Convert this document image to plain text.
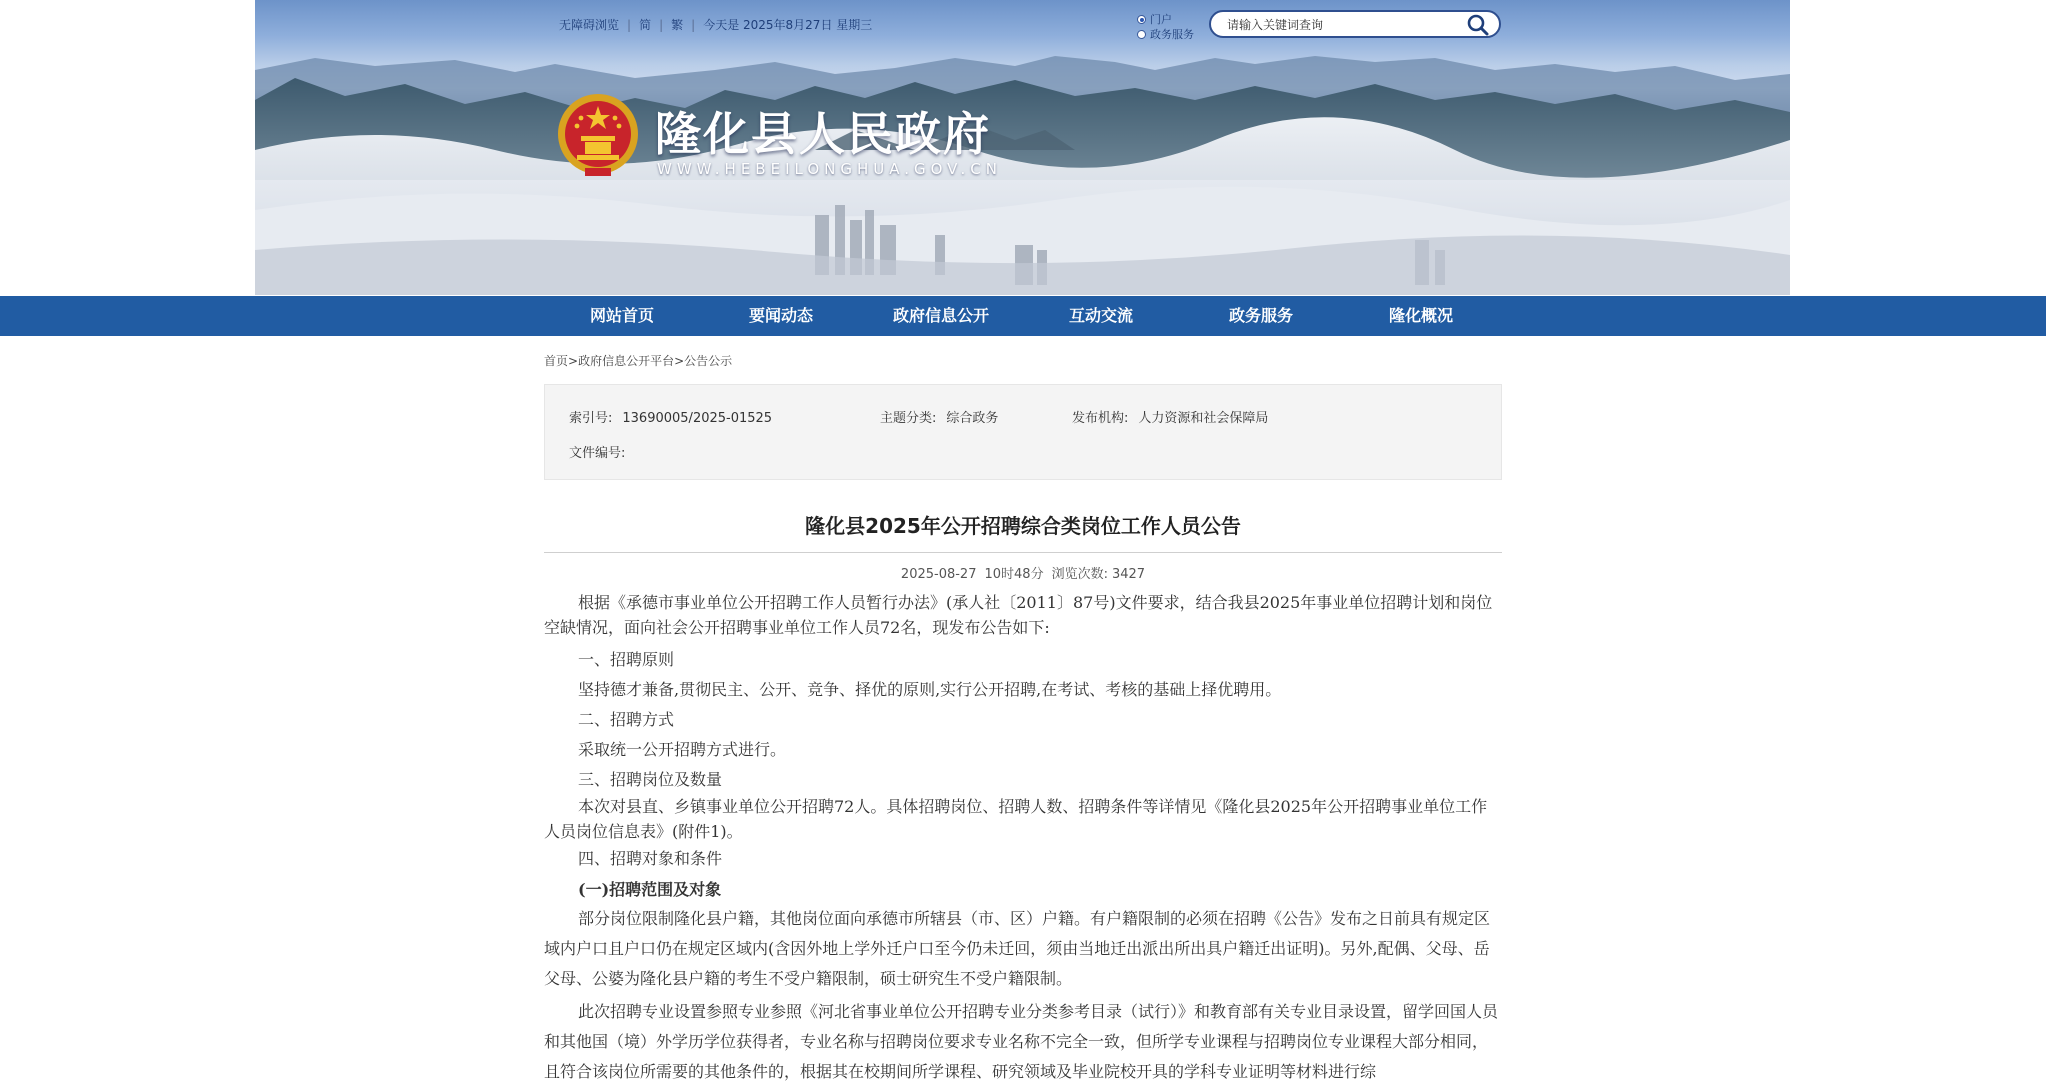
无障碍浏览 | 简 | 繁 | 今天是 2025年8月27日 星期三	门户
政务服务
请输入关键词查询
隆化县人民政府
WWW.HEBEILONGHUA.GOV.CN
网站首页	要闻动态	政府信息公开	互动交流	政务服务	隆化概况
首页>政府信息公开平台>公告公示
索引号: 13690005/2025-01525	主题分类: 综合政务	发布机构: 人力资源和社会保障局
文件编号:
隆化县2025年公开招聘综合类岗位工作人员公告
2025-08-27 10时48分 浏览次数: 3427
根据《承德市事业单位公开招聘工作人员暂行办法》(承人社〔2011〕87号)文件要求，结合我县2025年事业单位招聘计划和岗位空缺情况，面向社会公开招聘事业单位工作人员72名，现发布公告如下:
一、招聘原则
坚持德才兼备,贯彻民主、公开、竞争、择优的原则,实行公开招聘,在考试、考核的基础上择优聘用。
二、招聘方式
采取统一公开招聘方式进行。
三、招聘岗位及数量
本次对县直、乡镇事业单位公开招聘72人。具体招聘岗位、招聘人数、招聘条件等详情见《隆化县2025年公开招聘事业单位工作人员岗位信息表》(附件1)。
四、招聘对象和条件
(一)招聘范围及对象
部分岗位限制隆化县户籍，其他岗位面向承德市所辖县（市、区）户籍。有户籍限制的必须在招聘《公告》发布之日前具有规定区域内户口且户口仍在规定区域内(含因外地上学外迁户口至今仍未迁回，须由当地迁出派出所出具户籍迁出证明)。另外,配偶、父母、岳父母、公婆为隆化县户籍的考生不受户籍限制，硕士研究生不受户籍限制。
此次招聘专业设置参照专业参照《河北省事业单位公开招聘专业分类参考目录（试行）》和教育部有关专业目录设置，留学回国人员和其他国（境）外学历学位获得者，专业名称与招聘岗位要求专业名称不完全一致，但所学专业课程与招聘岗位专业课程大部分相同，且符合该岗位所需要的其他条件的，根据其在校期间所学课程、研究领域及毕业院校开具的学科专业证明等材料进行综
